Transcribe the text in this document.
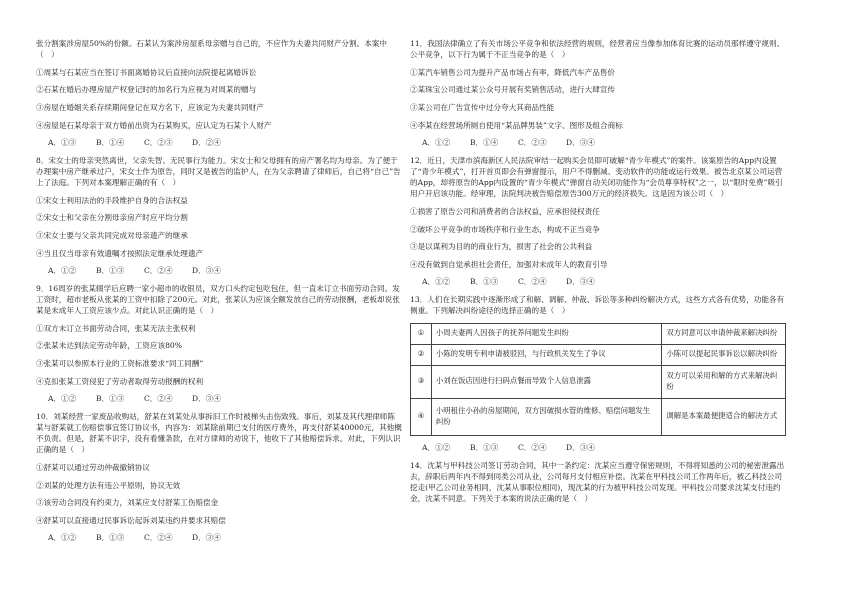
张分割案涉房屋50%的份额。石某认为案涉房屋系母亲赠与自己的，不应作为夫妻共同财产分割。本案中（　）

①周某与石某应当在签订书面离婚协议后直接向法院提起离婚诉讼

②石某在婚后办理房屋产权登记时的加名行为应视为对周某的赠与

③房屋在婚姻关系存续期间登记在双方名下，应该定为夫妻共同财产

④房屋是石某母亲于双方婚前出资为石某购买，应认定为石某个人财产

A．①③	B．①④	C．②③	D．②④

8．宋女士的母亲突然离世，父亲失智、无民事行为能力。宋女士和父母拥有的房产署名均为母亲。为了便于办理案中房产继承过户，宋女士作为原告，同时又是被告的监护人，在为父亲聘请了律师后，自己将“自己”告上了法庭。下列对本案理解正确的有（　）

①宋女士利用法治的手段维护自身的合法权益

②宋女士和父亲在分割母亲房产时应平均分割

③宋女士要与父亲共同完成对母亲遗产的继承

④当且仅当母亲有效遗嘱才按照法定继承处理遗产

A．①②	B．①③	C．②④	D．③④

9．16周岁的张某辍学后应聘一家小超市的收银员，双方口头约定包吃包住，但一直未订立书面劳动合同。发工资时，超市老板从张某的工资中扣除了200元。对此，张某认为应该全额发放自己的劳动报酬，老板却说张某是未成年人工资应该少点。对此认识正确的是（　）

①双方未订立书面劳动合同，张某无法主张权利

②张某未达到法定劳动年龄，工资应该80%

③张某可以参照本行业的工资标准要求“同工同酬”

④克扣张某工资侵犯了劳动者取得劳动报酬的权利

A．①②	B．①③	C．②④	D．③④

10．刘某经营一家废品收购站，舒某在刘某处从事拆旧工作时被梯头击伤致残。事后，刘某及其代理律师陈某与舒某就工伤赔偿事宜签订协议书，内容为：刘某除前期已支付的医疗费外，再支付舒某40000元，其他概不负责。但是，舒某不识字，没有看懂条款，在对方律师的劝说下，他收下了其他赔偿诉求。对此，下列认识正确的是（　）

①舒某可以通过劳动仲裁撤销协议

②刘某的处理方法有违公平原则，协议无效

③该劳动合同没有约束力，刘某应支付舒某工伤赔偿金

④舒某可以直接通过民事诉讼起诉刘某违约并要求其赔偿

A．①②	B．①③	C．②④	D．③④

11．我国法律确立了有关市场公平竞争和依法经营的规则，经营者应当像参加体育比赛的运动员那样遵守规则、公平竞争，以下行为属于不正当竞争的是（　）

①某汽车销售公司为提升产品市场占有率，降低汽车产品售价

②某珠宝公司通过某公众号开展有奖销售活动，进行大肆宣传

③某公司在广告宣传中过分夸大其商品性能

④李某在经营场所厕自使用“某品牌男装”文字、图形及组合商标

A．①②	B．①④	C．②③	D．③④

12．近日，天津市滨海新区人民法院审结一起购买会员即可破解“青少年模式”的案件。该案原告的App内设置了“青少年模式”，打开首页即会有弹窗提示，用户不得删减、变动软件的功能或运行效果。被告北京某公司运营的App，却将原告的App内设置的“青少年模式”弹窗自动关闭功能作为“会员尊享特权”之一，以“限时免费”吸引用户开启该功能。经审理，法院判决被告赔偿原告300万元的经济损失。这是因为该公司（　）

①损害了原告公司和消费者的合法权益，应承担侵权责任

②破坏公平竞争的市场秩序和行业生态，构成不正当竞争

③是以谋利为目的的商业行为，损害了社会的公共利益

④没有做到自觉承担社会责任，加强对未成年人的教育引导

A．①②	B．①③	C．②④	D．③④

13．人们在长期实践中逐渐形成了和解、调解、仲裁、诉讼等多种纠纷解决方式，这些方式各有优势，功能各有侧重。下列解决纠纷途径的选择正确的是（　）

①	小周夫妻两人因孩子的抚养问题发生纠纷	双方同意可以申请仲裁来解决纠纷
②	小陈的发明专利申请被驳回，与行政机关发生了争议	小陈可以提起民事诉讼以解决纠纷
③	小刘在饭店因进行扫码点餐而导致个人信息泄露	双方可以采用和解的方式来解决纠纷
④	小明租住小孙的房屋期间，双方因破损水管的维修、赔偿问题发生纠纷	调解是本案最便捷适合的解决方式
A．①②	B．①③	C．②④	D．③④

14．沈某与甲科技公司签订劳动合同，其中一条约定：沈某应当遵守保密规则，不得将知悉的公司的秘密泄露出去，辞职后两年内不得到同类公司从业，公司每月支付相应补偿。沈某在甲科技公司工作两年后，被乙科技公司挖走(甲乙公司业务相同，沈某从事职位相同)，现沈某的行为被甲科技公司发现。甲科技公司要求沈某支付违约金，沈某不同意。下列关于本案的说法正确的是（　）
